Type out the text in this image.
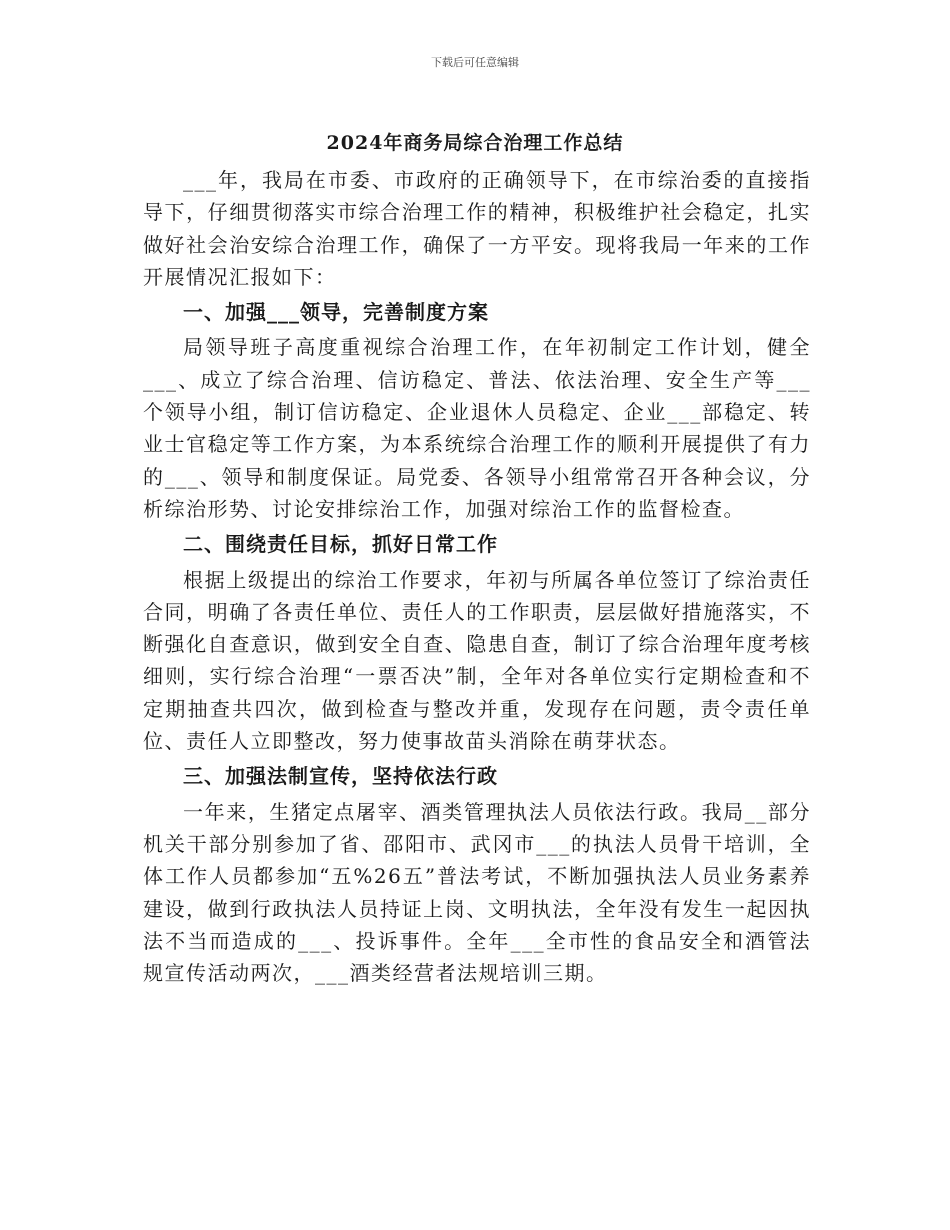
下载后可任意编辑
2024年商务局综合治理工作总结

___年，我局在市委、市政府的正确领导下，在市综治委的直接指导下，仔细贯彻落实市综合治理工作的精神，积极维护社会稳定，扎实做好社会治安综合治理工作，确保了一方平安。现将我局一年来的工作开展情况汇报如下：

一、加强___领导，完善制度方案

局领导班子高度重视综合治理工作，在年初制定工作计划，健全___、成立了综合治理、信访稳定、普法、依法治理、安全生产等___个领导小组，制订信访稳定、企业退休人员稳定、企业___部稳定、转业士官稳定等工作方案，为本系统综合治理工作的顺利开展提供了有力的___、领导和制度保证。局党委、各领导小组常常召开各种会议，分析综治形势、讨论安排综治工作，加强对综治工作的监督检查。

二、围绕责任目标，抓好日常工作

根据上级提出的综治工作要求，年初与所属各单位签订了综治责任合同，明确了各责任单位、责任人的工作职责，层层做好措施落实，不断强化自查意识，做到安全自查、隐患自查，制订了综合治理年度考核细则，实行综合治理“一票否决”制，全年对各单位实行定期检查和不定期抽查共四次，做到检查与整改并重，发现存在问题，责令责任单位、责任人立即整改，努力使事故苗头消除在萌芽状态。

三、加强法制宣传，坚持依法行政

一年来，生猪定点屠宰、酒类管理执法人员依法行政。我局__部分机关干部分别参加了省、邵阳市、武冈市___的执法人员骨干培训，全体工作人员都参加“五%26五”普法考试，不断加强执法人员业务素养建设，做到行政执法人员持证上岗、文明执法，全年没有发生一起因执法不当而造成的___、投诉事件。全年___全市性的食品安全和酒管法规宣传活动两次，___酒类经营者法规培训三期。
